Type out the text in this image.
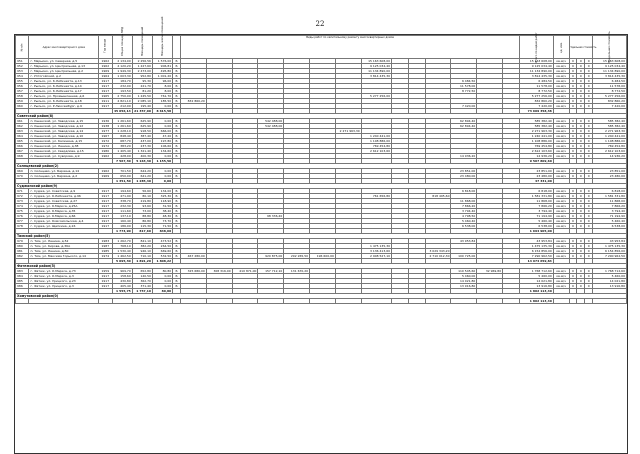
22
№ п/п	Адрес многоквартирного дома	Год ввода	Общая площадь МКД	Площадь помещений	Площадь жилых помещений		Виды работ по капитальному ремонту многоквартирных домов														Итого по видам работ	ед. изм.	Удельная стоимость			Предельная стоимость

951	г. Марьино, ул. Северная, д.5	1962	2 134,00	2 256,56	1 576,00	Б								15 163 608,00							15 163 608,00	кв.м/ч	0	0	0	15 163 608,00
952	г. Марьино, ул. Центральная, д.13	1962	4 120,20	1 227,60	906,81	Б								9 125 034,40							9 125 034,40	кв.м/ч	0	0	0	9 125 034,40
953	г. Марьино, ул. Центральная, д.2	1969	1 949,30	2 473,00	495,80	Б								11 134 890,00							11 134 890,00	кв.м/ч	0	0	0	11 134 890,00
954	г. Уптогойский, д.2	1964	1 003,30	952,80	1 001,20	Б								3 814 435,30							3 814 435,30	кв.м/ч	0	0	0	3 814 435,30
955	г. Рыльск, ул. К.Либкнехта, д.13	1917	184,70	95,30	96,00	Б												6 484,50			6 484,50	кв.м/ч	0	0	0	6 484,50
956	г. Рыльск, ул. К.Либкнехта, д.14	1917	232,00	221,70	8,00	Б												11 578,00			11 578,00	кв.м/ч	0	0	0	11 578,00
957	г. Рыльск, ул. К.Либкнехта, д.17	1917	193,50	81,20	8,00	Б												8 772,50			8 772,50	кв.м/ч	0	0	0	8 772,50
958	г. Рыльск, ул. Промышленная, д.6	1965	2 750,00	1 245,50	761,70	Б								5 277 256,00							5 277 256,00	кв.м/ч	0	0	0	5 277 256,00
959	г. Рыльск, ул. К.Либкнехта, д.18	1911	4 821,10	2 085,10	185,50	Б	832 860,20														832 860,20	кв.м/ч	0	0	0	832 860,20
960	г. Рыльск, ул. Р.Люксембург, д.9	1917	212,00	195,40	0,00	Б												7 420,00			7 420,00	кв.м/ч	0	0	0	7 420,00
			45 056,14	21 357,00	8 615,58																73 609 358,38					
Советский район(8)																										
961	п. Кшенский, ул. Заводская, д.15	1936	1 261,60	625,90	0,00	Б				542 488,00								62 894,40			585 382,40	кв.м/ч	0	0	0	585 382,40
962	п. Кшенский, ул. Заводская, д.12	1938	1 261,60	625,90	0,00	Б				542 488,00								62 894,40			585 382,40	кв.м/ч	0	0	0	585 382,40
963	п. Кшенский, ул. Заводская, д.14	1977	1 228,10	918,50	666,00	Б							2 271 963,30								2 271 963,30	кв.м/ч	0	0	0	2 271 963,30
964	п. Кшенский, ул. Заводская, д.10	1967	848,40	387,40	47,20	Б								1 240 441,00							1 240 441,00	кв.м/ч	0	0	0	1 240 441,00
965	п. Кшенский, ул. Калинина, д.15	1972	687,70	437,00	197,80	Б								1 108 886,00							1 108 886,00	кв.м/ч	0	0	0	1 108 886,00
966	п. Кшенский, ул. Ленина, д.38	1972	383,20	237,30	106,60	Б								769 454,80							769 454,80	кв.м/ч	0	0	0	769 454,80
967	п. Кшенский, ул. Свердлова, д.15	1980	1 405,40	1 321,40	134,60	Б								2 612 103,60							2 612 103,60	кв.м/ч	0	0	0	2 612 103,60
968	п. Кшенский, ул. Суворова, д.9	1962	428,00	400,30	0,00	Б												14 936,20			14 936,20	кв.м/ч	0	0	0	14 936,20
			7 567,30	5 163,30	1 155,50																9 507 809,60					
Солнцевский район(2)																										
969	п. Солнцево, ул. Берзина, д.14	1962	701,50	644,20	0,00	Б												23 851,00			23 851,00	кв.м/ч	0	0	0	23 851,00
970	п. Солнцево, ул. Берзина, д.2	1969	650,00	641,20	0,00	Б												23 480,00			23 480,00	кв.м/ч	0	0	0	23 480,00
			1 351,50	1 285,40	0,00																47 331,00					
Суджанский район(9)																										
971	г. Суджа, ул. Советская, д.9	1917	194,60	56,60	134,00	Б												6 818,00			6 818,00	кв.м/ч	0	0	0	6 818,00
972	г. Суджа, ул. К.Либкнехта, д.96	1917	471,90	80,10	325,30	Б								761 656,80			818 495,60				1 581 331,80	кв.м/ч	0	0	0	1 581 331,80
973	г. Суджа, ул. Советская, д.27	1917	338,70	219,80	118,90	Б												11 868,00			11 868,00	кв.м/ч	0	0	0	11 868,00
974	г. Суджа, ул. К.Маркса, д.25А	1917	232,30	93,60	31,50	Б												7 866,20			7 866,20	кв.м/ч	0	0	0	7 866,20
975	г. Суджа, ул. К.Маркса, д.35	1917	111,60	73,00	38,40	Б												3 794,40			3 794,40	кв.м/ч	0	0	0	3 794,40
976	г. Суджа, ул. К.Маркса, д.66	1917	137,10	88,80	48,30	Б				98 336,40								4 798,50			71 194,90	кв.м/ч	0	0	0	71 194,90
977	г. Суджа, ул. Комсомольская, д.4	1917	160,40	86,80	73,70	Б												5 460,40			5 460,40	кв.м/ч	0	0	0	5 460,40
978	г. Суджа, ул. Щепкина, д.16	1917	186,00	115,30	71,50	Б												6 538,00			6 538,00	кв.м/ч	0	0	0	6 538,00
			1 774,90	817,60	848,60																1 694 905,00					
Тимский район(5)																										
979	п. Тим, ул. Ленина, д.52	1983	1 262,70	841,10	473,52	Б												43 953,84			43 953,84	кв.м/ч	0	0	0	43 953,84
980	п. Тим, ул. Кирова, д.36А	1987	768,10	382,20	264,50	Б								1 475 135,30							1 475 135,30	кв.м/ч	0	0	0	1 475 135,30
981	п. Тим, ул. Ленина, д.50	1985	1 530,40	946,10	669,60	Б								3 136 413,60			3 029 343,20				6 154 856,00	кв.м/ч	0	0	0	6 154 856,00
982	п. Тим, ул. Максима Горького, д.14	1974	1 462,50	710,10	532,50	Б	467 280,00			920 875,00	292 265,50	196 600,00		2 908 527,10			2 710 012,30	100 725,00			7 290 962,50	кв.м/ч	0	0	0	7 290 962,50
			5 095,30	1 891,20	1 808,22																14 974 659,84					
Фатежский район(5)																										
983	г. Фатеж, ул. К.Маркса, д.73	1959	969,70	652,80	80,80	Б	325 680,00	308 316,00	410 871,00	157 712,10	131 670,20							110 545,60	32 969,80		1 768 712,60	кв.м/ч	0	0	0	1 768 712,60
984	г. Фатеж, ул. К.Маркса, д.3	1917	158,60	140,50	0,00	Б												5 460,00			5 460,00	кв.м/ч	0	0	0	5 460,00
985	г. Фатеж, ул. Урицкого, д.23	1917	430,80	362,70	0,00	Б												14 021,80			14 021,80	кв.м/ч	0	0	0	14 021,80
986	г. Фатеж, ул. Урицкого, д.3	1917	405,40	371,40	0,00	Б												13 916,80			13 916,80	кв.м/ч	0	0	0	13 916,80
			1 555,75	1 757,10	80,80																1 802 113,40					
Хомутовский район(0)																										
																					1 802 113,40					
